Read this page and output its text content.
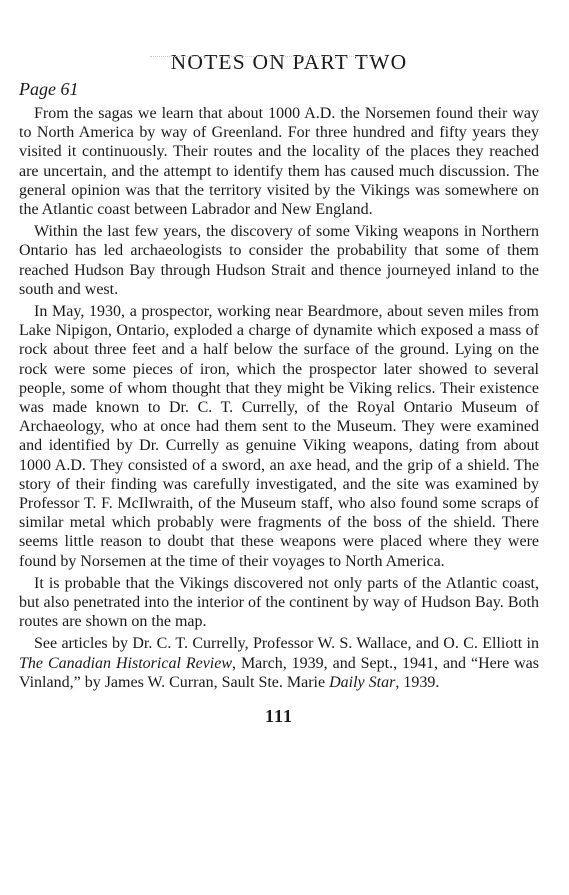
NOTES ON PART TWO
Page 61

From the sagas we learn that about 1000 A.D. the Norsemen found their way to North America by way of Greenland. For three hundred and fifty years they visited it continuously. Their routes and the locality of the places they reached are uncertain, and the attempt to identify them has caused much discussion. The general opinion was that the territory visited by the Vikings was somewhere on the Atlantic coast between Labrador and New England.

Within the last few years, the discovery of some Viking weapons in Northern Ontario has led archaeologists to consider the probability that some of them reached Hudson Bay through Hudson Strait and thence journeyed inland to the south and west.

In May, 1930, a prospector, working near Beardmore, about seven miles from Lake Nipigon, Ontario, exploded a charge of dynamite which exposed a mass of rock about three feet and a half below the surface of the ground. Lying on the rock were some pieces of iron, which the prospector later showed to several people, some of whom thought that they might be Viking relics. Their existence was made known to Dr. C. T. Currelly, of the Royal Ontario Museum of Archaeology, who at once had them sent to the Museum. They were examined and identified by Dr. Currelly as genuine Viking weapons, dating from about 1000 A.D. They consisted of a sword, an axe head, and the grip of a shield. The story of their finding was carefully investigated, and the site was examined by Professor T. F. McIlwraith, of the Museum staff, who also found some scraps of similar metal which probably were fragments of the boss of the shield. There seems little reason to doubt that these weapons were placed where they were found by Norsemen at the time of their voyages to North America.

It is probable that the Vikings discovered not only parts of the Atlantic coast, but also penetrated into the interior of the continent by way of Hudson Bay. Both routes are shown on the map.

See articles by Dr. C. T. Currelly, Professor W. S. Wallace, and O. C. Elliott in The Canadian Historical Review, March, 1939, and Sept., 1941, and “Here was Vinland,” by James W. Curran, Sault Ste. Marie Daily Star, 1939.

111
